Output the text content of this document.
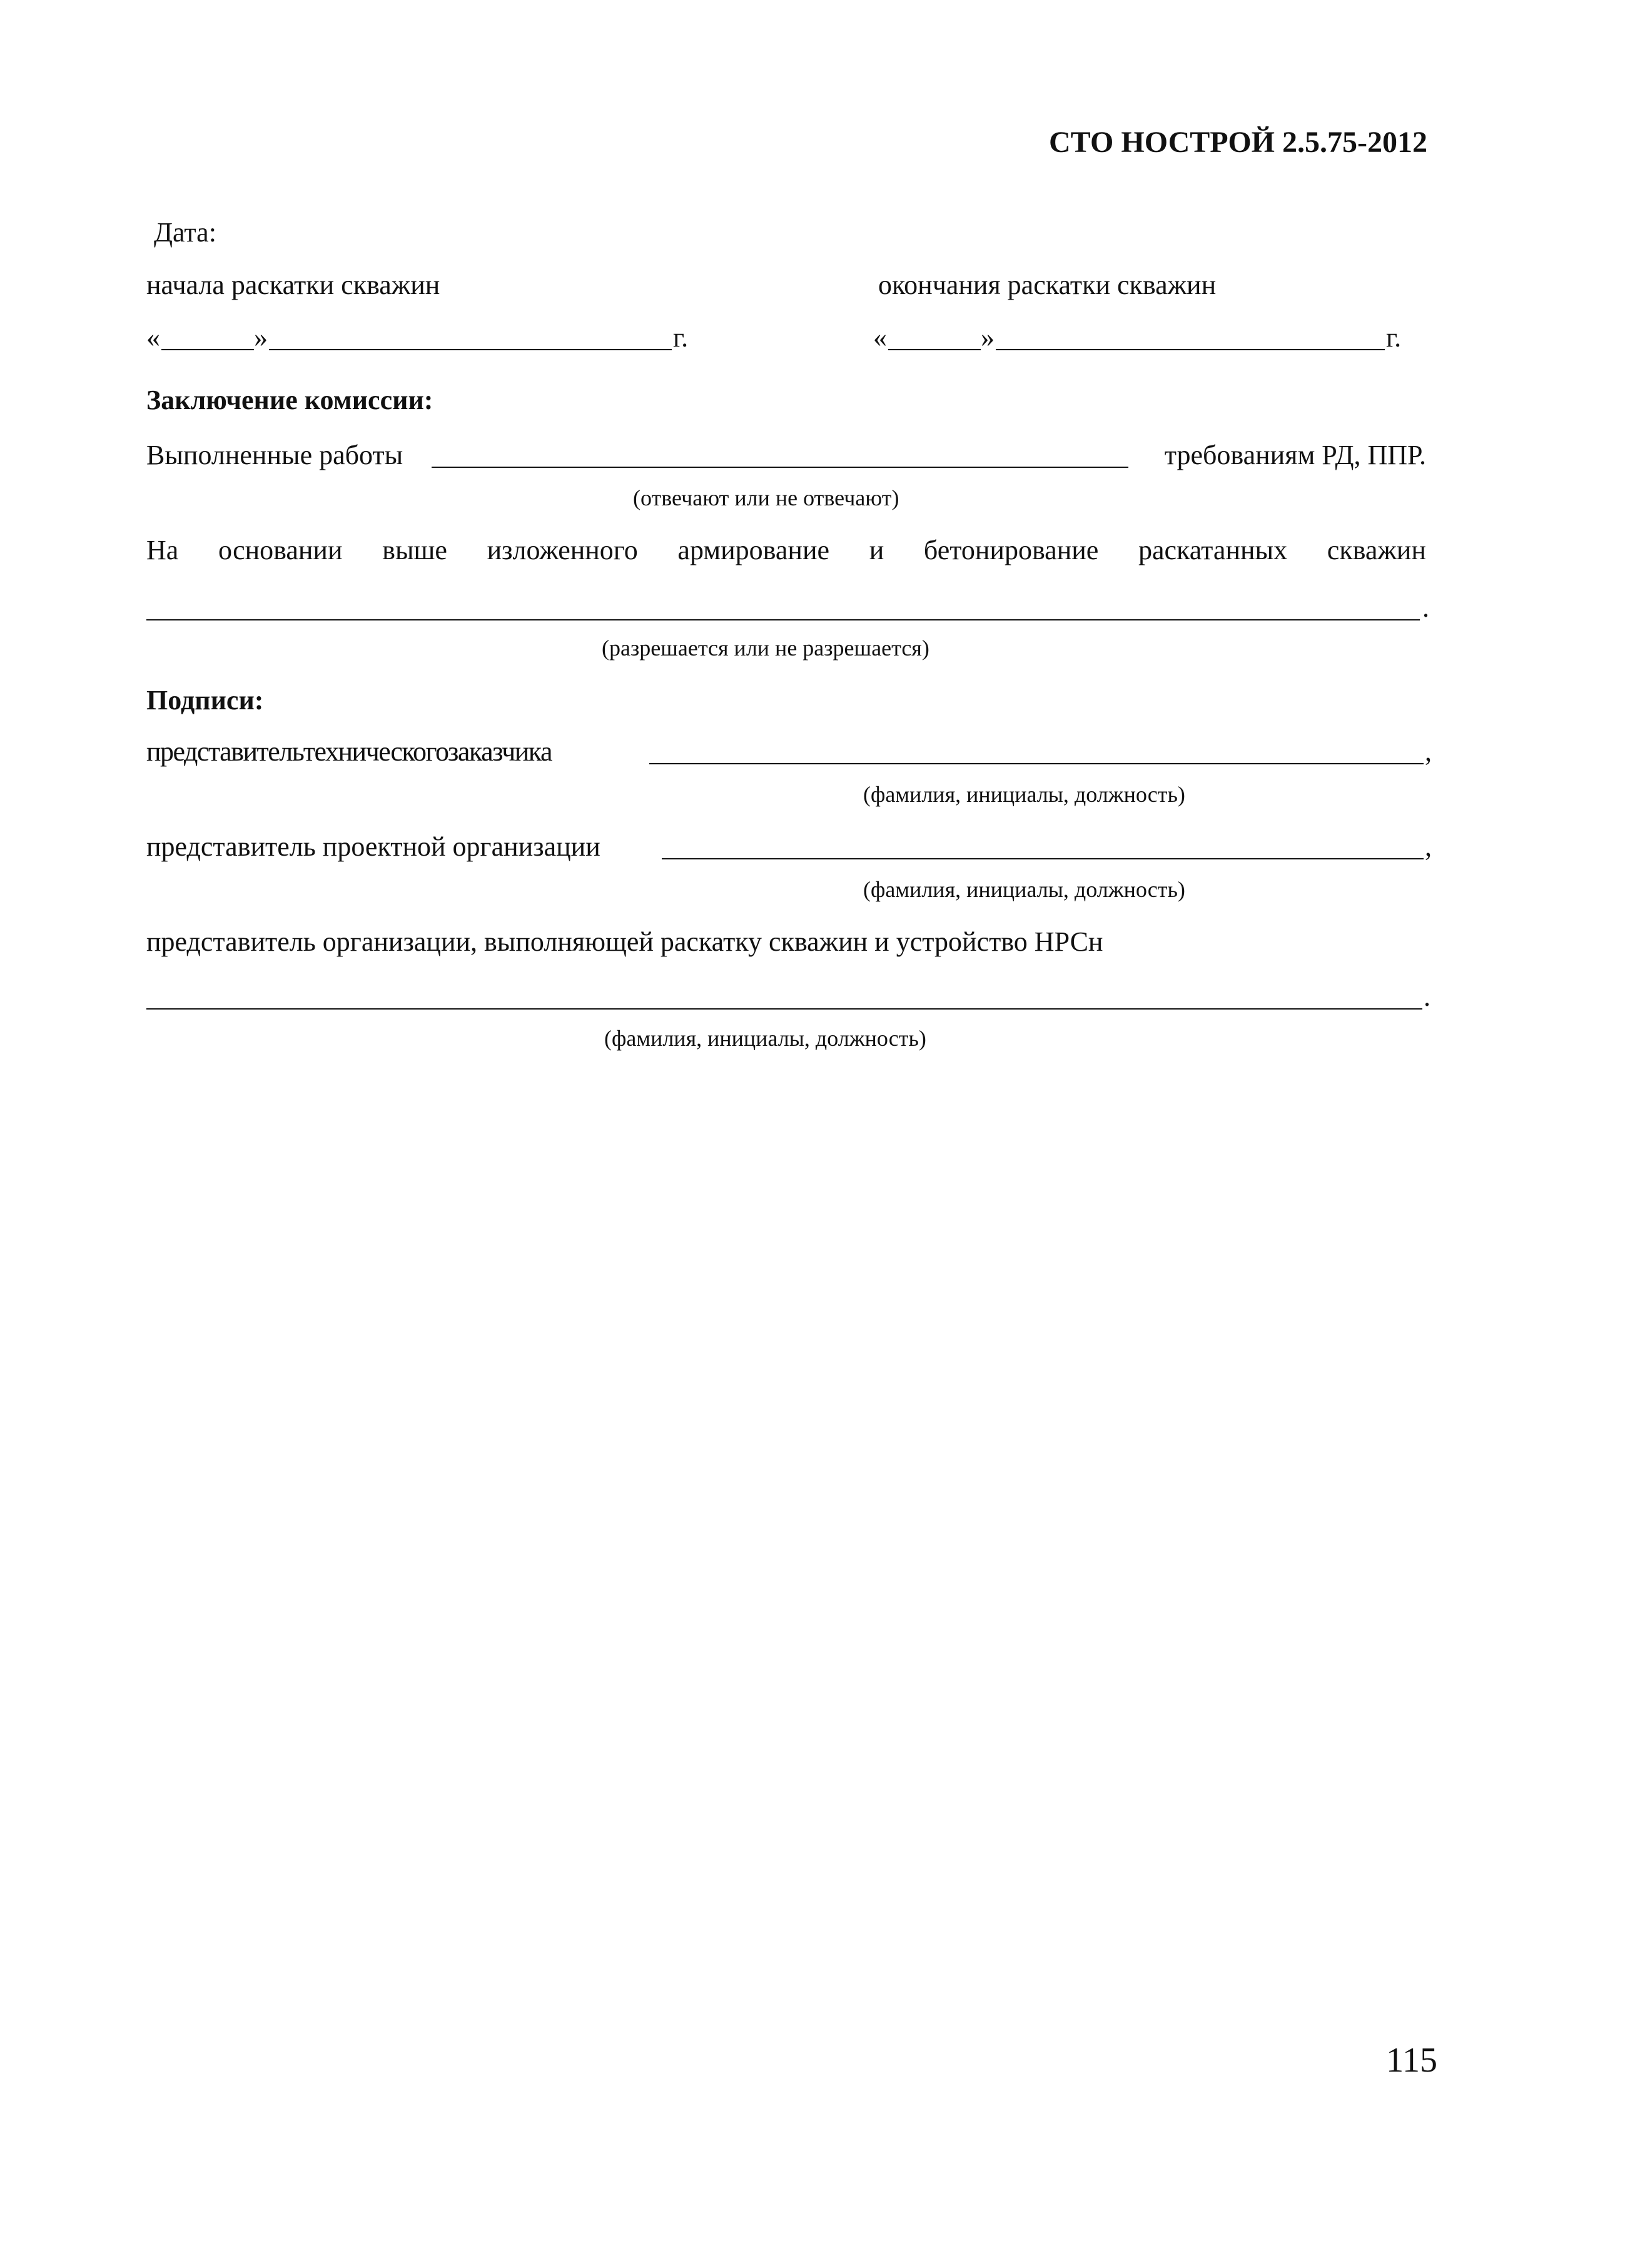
СТО НОСТРОЙ 2.5.75-2012
Дата:
начала раскатки скважин	окончания раскатки скважин
«	»	г.	«	»	г.
Заключение комиссии:
Выполненные работы	требованиям РД, ППР.
(отвечают или не отвечают)
На основании выше изложенного армирование и бетонирование раскатанных скважин
.
(разрешается или не разрешается)
Подписи:
представитель технического заказчика	,
(фамилия, инициалы, должность)
представитель проектной организации	,
(фамилия, инициалы, должность)
представитель организации, выполняющей раскатку скважин и устройство НРСн
.
(фамилия, инициалы, должность)
115
